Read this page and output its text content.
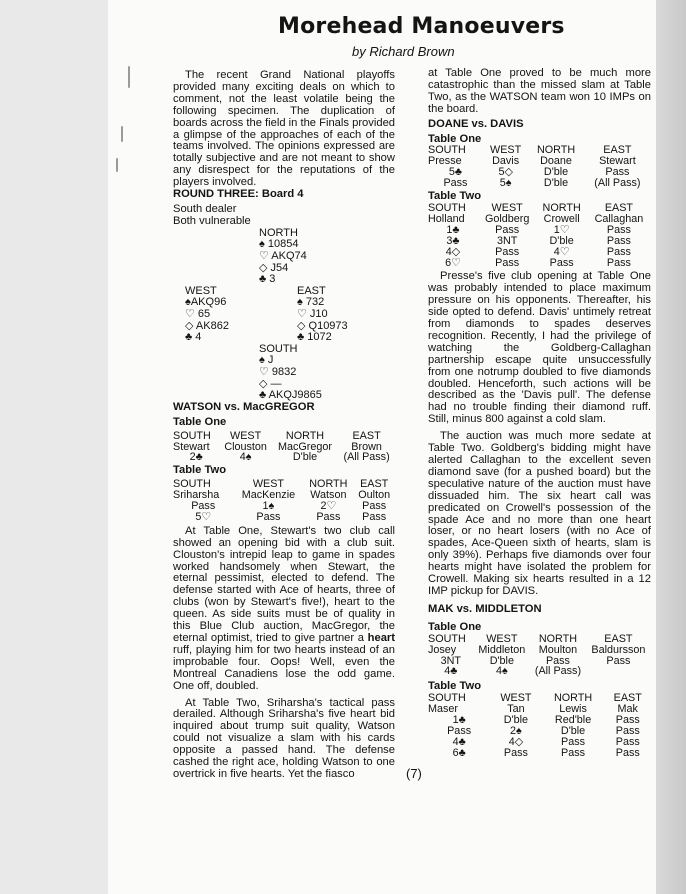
Morehead Manoeuvers
by Richard Brown

The recent Grand National playoffs provided many exciting deals on which to comment, not the least volatile being the following specimen. The duplication of boards across the field in the Finals provided a glimpse of the approaches of each of the teams involved. The opinions expressed are totally subjective and are not meant to show any disrespect for the reputations of the players involved.

ROUND THREE: Board 4
South dealer
Both vulnerable
NORTH
♠ 10854
♡ AKQ74
◇ J54
♣ 3
WEST
♠AKQ96
♡ 65
◇ AK862
♣ 4
EAST
♠ 732
♡ J10
◇ Q10973
♣ 1072
SOUTH
♠ J
♡ 9832
◇ —
♣ AKQJ9865
WATSON vs. MacGREGOR
Table One
SOUTH	WEST	NORTH	EAST
Stewart	Clouston	MacGregor	Brown
2♣	4♠	D'ble	(All Pass)
Table Two
SOUTH	WEST	NORTH	EAST
Sriharsha	MacKenzie	Watson	Oulton
Pass	1♠	2♡	Pass
5♡	Pass	Pass	Pass

At Table One, Stewart's two club call showed an opening bid with a club suit. Clouston's intrepid leap to game in spades worked handsomely when Stewart, the eternal pessimist, elected to defend. The defense started with Ace of hearts, three of clubs (won by Stewart's five!), heart to the queen. As side suits must be of quality in this Blue Club auction, MacGregor, the eternal optimist, tried to give partner a heart ruff, playing him for two hearts instead of an improbable four. Oops! Well, even the Montreal Canadiens lose the odd game. One off, doubled.

At Table Two, Sriharsha's tactical pass derailed. Although Sriharsha's five heart bid inquired about trump suit quality, Watson could not visualize a slam with his cards opposite a passed hand. The defense cashed the right ace, holding Watson to one overtrick in five hearts. Yet the fiasco

at Table One proved to be much more catastrophic than the missed slam at Table Two, as the WATSON team won 10 IMPs on the board.

DOANE vs. DAVIS
Table One
SOUTH	WEST	NORTH	EAST
Presse	Davis	Doane	Stewart
5♣	5◇	D'ble	Pass
Pass	5♠	D'ble	(All Pass)
Table Two
SOUTH	WEST	NORTH	EAST
Holland	Goldberg	Crowell	Callaghan
1♣	Pass	1♡	Pass
3♣	3NT	D'ble	Pass
4◇	Pass	4♡	Pass
6♡	Pass	Pass	Pass

Presse's five club opening at Table One was probably intended to place maximum pressure on his opponents. Thereafter, his side opted to defend. Davis' untimely retreat from diamonds to spades deserves recognition. Recently, I had the privilege of watching the Goldberg-Callaghan partnership escape quite unsuccessfully from one notrump doubled to five diamonds doubled. Henceforth, such actions will be described as the 'Davis pull'. The defense had no trouble finding their diamond ruff. Still, minus 800 against a cold slam.

The auction was much more sedate at Table Two. Goldberg's bidding might have alerted Callaghan to the excellent seven diamond save (for a pushed board) but the speculative nature of the auction must have dissuaded him. The six heart call was predicated on Crowell's possession of the spade Ace and no more than one heart loser, or no heart losers (with no Ace of spades, Ace-Queen sixth of hearts, slam is only 39%). Perhaps five diamonds over four hearts might have isolated the problem for Crowell. Making six hearts resulted in a 12 IMP pickup for DAVIS.

MAK vs. MIDDLETON
Table One
SOUTH	WEST	NORTH	EAST
Josey	Middleton	Moulton	Baldursson
3NT	D'ble	Pass	Pass
4♣	4♠	(All Pass)	
Table Two
SOUTH	WEST	NORTH	EAST
Maser	Tan	Lewis	Mak
1♣	D'ble	Red'ble	Pass
Pass	2♠	D'ble	Pass
4♣	4◇	Pass	Pass
6♣	Pass	Pass	Pass
(7)
